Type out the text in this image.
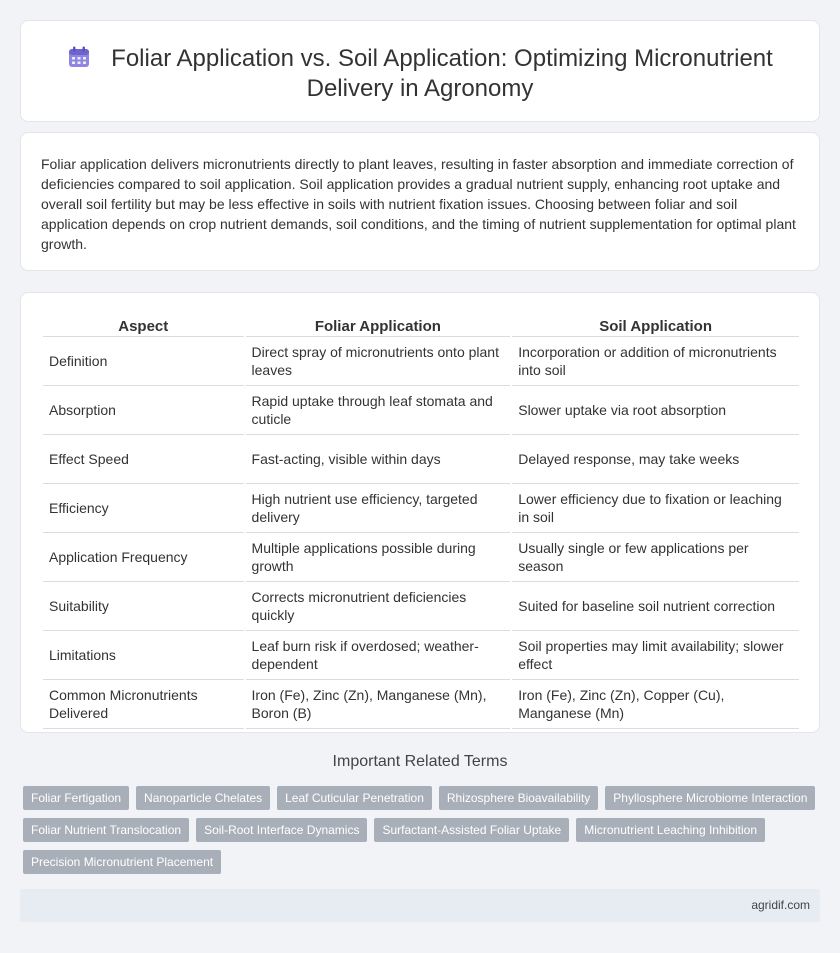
Foliar Application vs. Soil Application: Optimizing Micronutrient Delivery in Agronomy

Foliar application delivers micronutrients directly to plant leaves, resulting in faster absorption and immediate correction of deficiencies compared to soil application. Soil application provides a gradual nutrient supply, enhancing root uptake and overall soil fertility but may be less effective in soils with nutrient fixation issues. Choosing between foliar and soil application depends on crop nutrient demands, soil conditions, and the timing of nutrient supplementation for optimal plant growth.

Aspect	Foliar Application	Soil Application
Definition	Direct spray of micronutrients onto plant leaves	Incorporation or addition of micronutrients into soil
Absorption	Rapid uptake through leaf stomata and cuticle	Slower uptake via root absorption
Effect Speed	Fast-acting, visible within days	Delayed response, may take weeks
Efficiency	High nutrient use efficiency, targeted delivery	Lower efficiency due to fixation or leaching in soil
Application Frequency	Multiple applications possible during growth	Usually single or few applications per season
Suitability	Corrects micronutrient deficiencies quickly	Suited for baseline soil nutrient correction
Limitations	Leaf burn risk if overdosed; weather-dependent	Soil properties may limit availability; slower effect
Common Micronutrients Delivered	Iron (Fe), Zinc (Zn), Manganese (Mn), Boron (B)	Iron (Fe), Zinc (Zn), Copper (Cu), Manganese (Mn)
Important Related Terms
Foliar Fertigation	Nanoparticle Chelates	Leaf Cuticular Penetration	Rhizosphere Bioavailability	Phyllosphere Microbiome Interaction
Foliar Nutrient Translocation	Soil-Root Interface Dynamics	Surfactant-Assisted Foliar Uptake	Micronutrient Leaching Inhibition
Precision Micronutrient Placement
agridif.com
